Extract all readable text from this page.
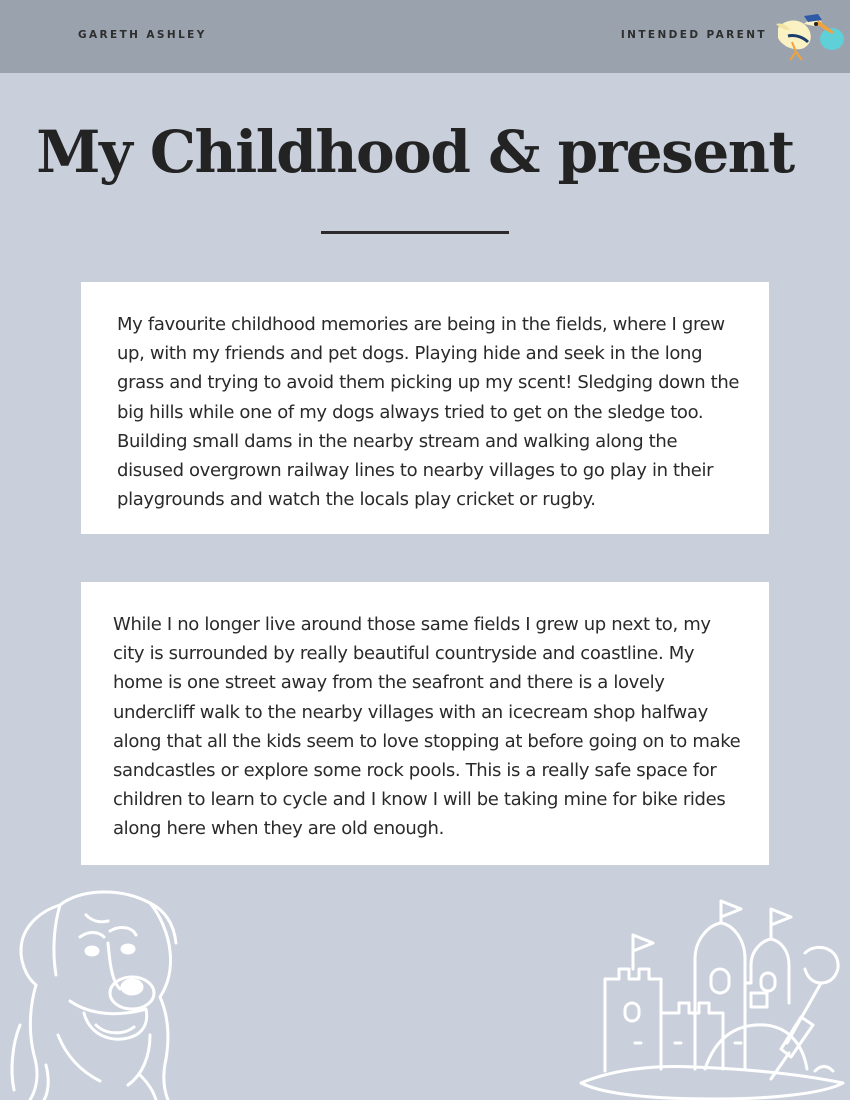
GARETH ASHLEY	INTENDED PARENT
My Childhood & present

My favourite childhood memories are being in the fields, where I grew up, with my friends and pet dogs. Playing hide and seek in the long grass and trying to avoid them picking up my scent! Sledging down the big hills while one of my dogs always tried to get on the sledge too. Building small dams in the nearby stream and walking along the disused overgrown railway lines to nearby villages to go play in their playgrounds and watch the locals play cricket or rugby.

While I no longer live around those same fields I grew up next to, my city is surrounded by really beautiful countryside and coastline. My home is one street away from the seafront and there is a lovely undercliff walk to the nearby villages with an icecream shop halfway along that all the kids seem to love stopping at before going on to make sandcastles or explore some rock pools. This is a really safe space for children to learn to cycle and I know I will be taking mine for bike rides along here when they are old enough.
